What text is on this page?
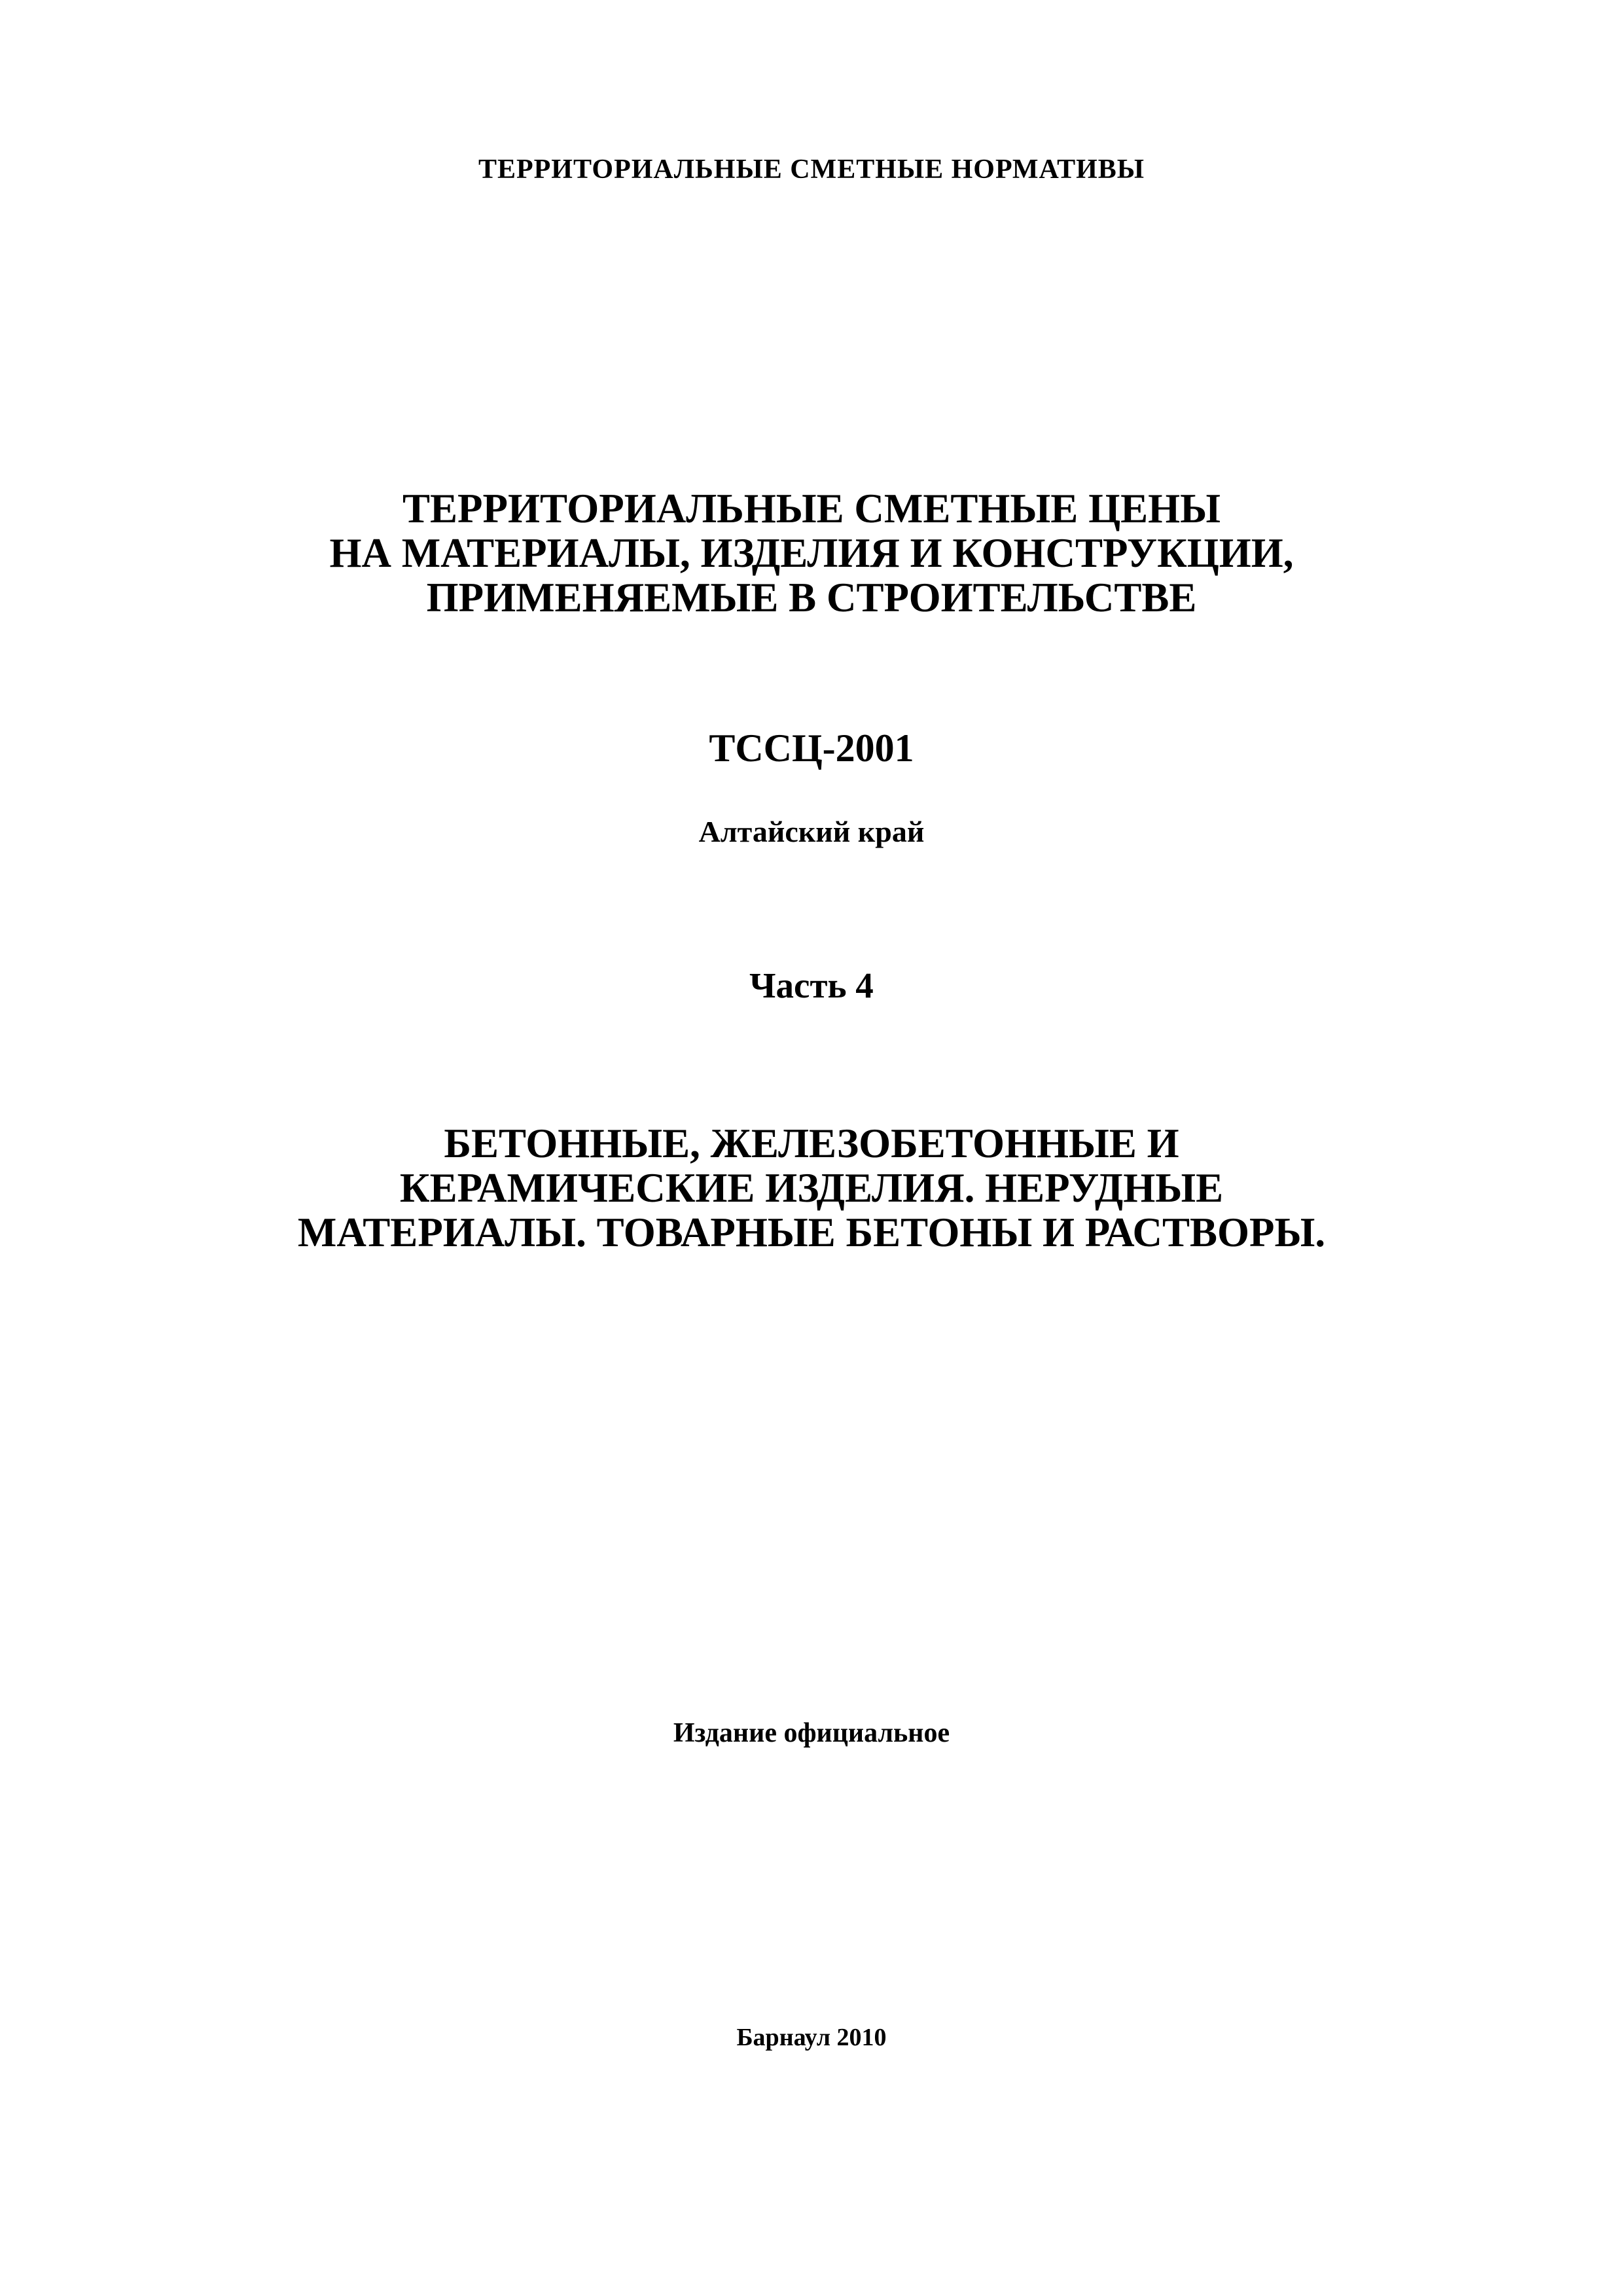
ТЕРРИТОРИАЛЬНЫЕ СМЕТНЫЕ НОРМАТИВЫ
ТЕРРИТОРИАЛЬНЫЕ СМЕТНЫЕ ЦЕНЫ
НА МАТЕРИАЛЫ, ИЗДЕЛИЯ И КОНСТРУКЦИИ,
ПРИМЕНЯЕМЫЕ В СТРОИТЕЛЬСТВЕ
ТССЦ-2001
Алтайский край
Часть 4
БЕТОННЫЕ, ЖЕЛЕЗОБЕТОННЫЕ И
КЕРАМИЧЕСКИЕ ИЗДЕЛИЯ. НЕРУДНЫЕ
МАТЕРИАЛЫ. ТОВАРНЫЕ БЕТОНЫ И РАСТВОРЫ.
Издание официальное
Барнаул 2010
